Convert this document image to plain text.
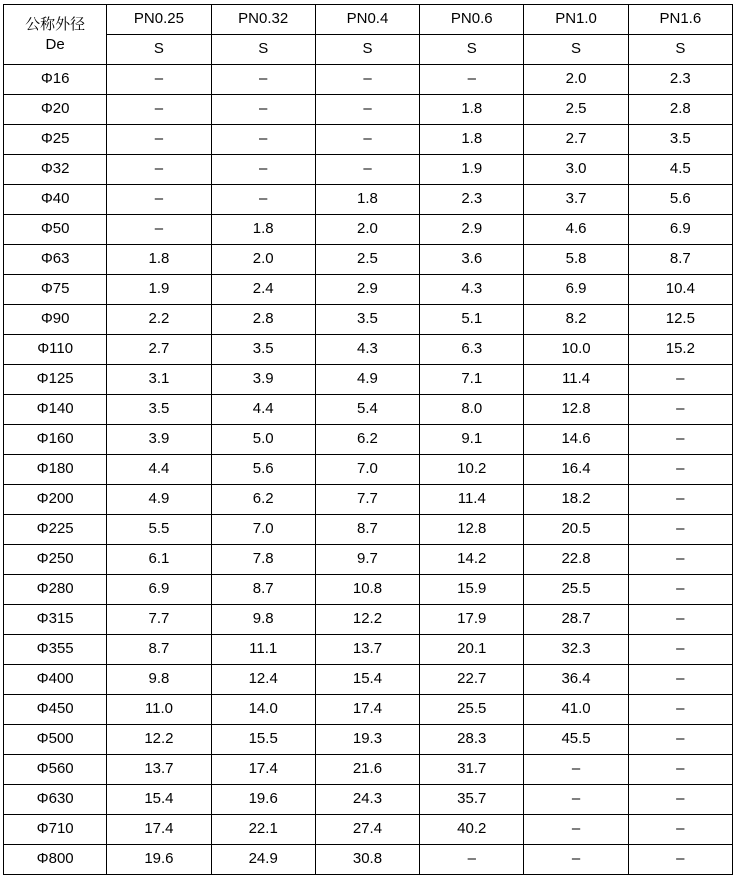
公称外径
De	PN0.25	PN0.32	PN0.4	PN0.6	PN1.0	PN1.6
	S	S	S	S	S	S
Φ16	–	–	–	–	2.0	2.3
Φ20	–	–	–	1.8	2.5	2.8
Φ25	–	–	–	1.8	2.7	3.5
Φ32	–	–	–	1.9	3.0	4.5
Φ40	–	–	1.8	2.3	3.7	5.6
Φ50	–	1.8	2.0	2.9	4.6	6.9
Φ63	1.8	2.0	2.5	3.6	5.8	8.7
Φ75	1.9	2.4	2.9	4.3	6.9	10.4
Φ90	2.2	2.8	3.5	5.1	8.2	12.5
Φ110	2.7	3.5	4.3	6.3	10.0	15.2
Φ125	3.1	3.9	4.9	7.1	11.4	–
Φ140	3.5	4.4	5.4	8.0	12.8	–
Φ160	3.9	5.0	6.2	9.1	14.6	–
Φ180	4.4	5.6	7.0	10.2	16.4	–
Φ200	4.9	6.2	7.7	11.4	18.2	–
Φ225	5.5	7.0	8.7	12.8	20.5	–
Φ250	6.1	7.8	9.7	14.2	22.8	–
Φ280	6.9	8.7	10.8	15.9	25.5	–
Φ315	7.7	9.8	12.2	17.9	28.7	–
Φ355	8.7	11.1	13.7	20.1	32.3	–
Φ400	9.8	12.4	15.4	22.7	36.4	–
Φ450	11.0	14.0	17.4	25.5	41.0	–
Φ500	12.2	15.5	19.3	28.3	45.5	–
Φ560	13.7	17.4	21.6	31.7	–	–
Φ630	15.4	19.6	24.3	35.7	–	–
Φ710	17.4	22.1	27.4	40.2	–	–
Φ800	19.6	24.9	30.8	–	–	–
